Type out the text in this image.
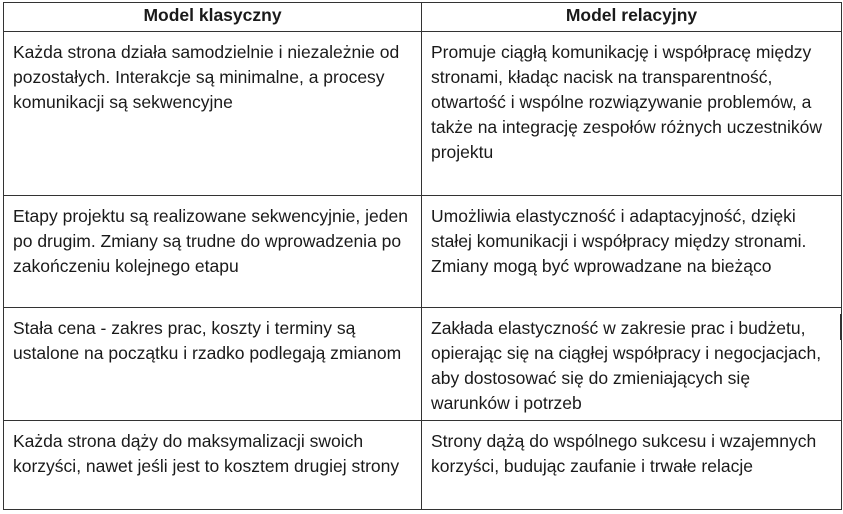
Model klasyczny	Model relacyjny
Każda strona działa samodzielnie i niezależnie od pozostałych. Interakcje są minimalne, a procesy komunikacji są sekwencyjne	Promuje ciągłą komunikację i współpracę między stronami, kładąc nacisk na transparentność, otwartość i wspólne rozwiązywanie problemów, a także na integrację zespołów różnych uczestników projektu
Etapy projektu są realizowane sekwencyjnie, jeden po drugim. Zmiany są trudne do wprowadzenia po zakończeniu kolejnego etapu	Umożliwia elastyczność i adaptacyjność, dzięki stałej komunikacji i współpracy między stronami. Zmiany mogą być wprowadzane na bieżąco
Stała cena - zakres prac, koszty i terminy są ustalone na początku i rzadko podlegają zmianom	Zakłada elastyczność w zakresie prac i budżetu, opierając się na ciągłej współpracy i negocjacjach, aby dostosować się do zmieniających się warunków i potrzeb
Każda strona dąży do maksymalizacji swoich korzyści, nawet jeśli jest to kosztem drugiej strony	Strony dążą do wspólnego sukcesu i wzajemnych korzyści, budując zaufanie i trwałe relacje
